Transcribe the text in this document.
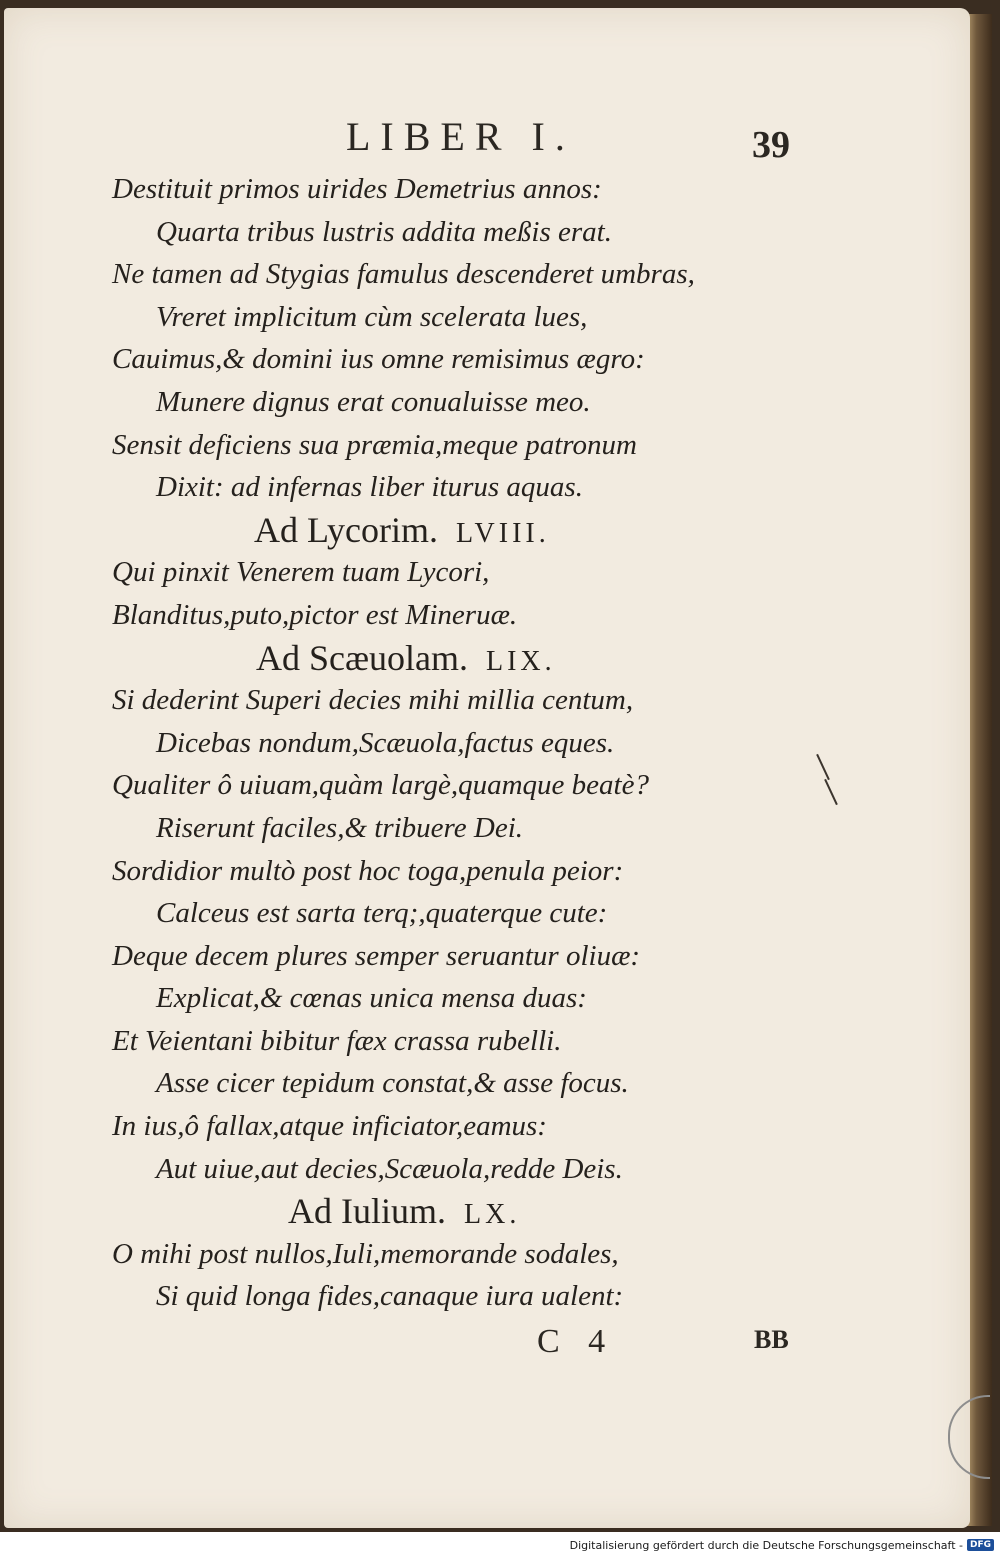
LIBER I.	39
Destituit primos uirides Demetrius annos:
Quarta tribus lustris addita meßis erat.
Ne tamen ad Stygias famulus descenderet umbras,
Vreret implicitum cùm scelerata lues,
Cauimus,& domini ius omne remisimus ægro:
Munere dignus erat conualuisse meo.
Sensit deficiens sua præmia,meque patronum
Dixit: ad infernas liber iturus aquas.
Ad Lycorim. LVIII.
Qui pinxit Venerem tuam Lycori,
Blanditus,puto,pictor est Mineruæ.
Ad Scæuolam. LIX.
Si dederint Superi decies mihi millia centum,
Dicebas nondum,Scæuola,factus eques.
Qualiter ô uiuam,quàm largè,quamque beatè?
Riserunt faciles,& tribuere Dei.
Sordidior multò post hoc toga,penula peior:
Calceus est sarta terq;,quaterque cute:
Deque decem plures semper seruantur oliuæ:
Explicat,& cœnas unica mensa duas:
Et Veientani bibitur fæx crassa rubelli.
Asse cicer tepidum constat,& asse focus.
In ius,ô fallax,atque inficiator,eamus:
Aut uiue,aut decies,Scæuola,redde Deis.
Ad Iulium. LX.
O mihi post nullos,Iuli,memorande sodales,
Si quid longa fides,canaque iura ualent:
C 4	BB
Digitalisierung gefördert durch die Deutsche Forschungsgemeinschaft - DFG
